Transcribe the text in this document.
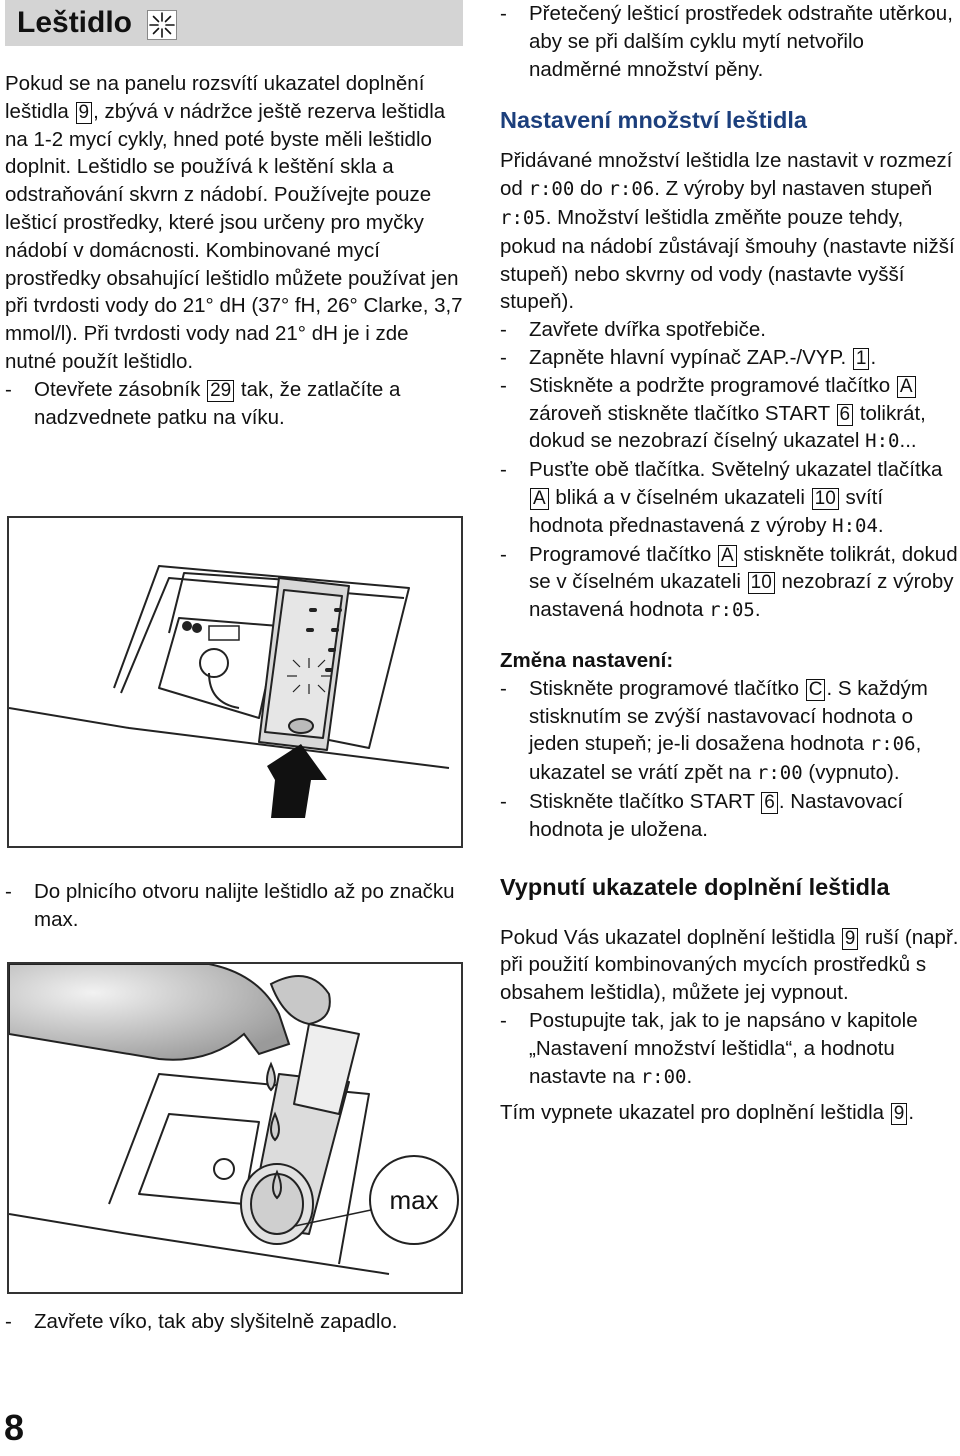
8
Leštidlo

Pokud se na panelu rozsvítí ukazatel doplnění leštidla 9 , zbývá v nádržce ještě rezerva leštidla na 1-2 mycí cykly, hned poté byste měli leštidlo doplnit. Leštidlo se používá k leštění skla a odstraňování skvrn z nádobí. Používejte pouze lešticí prostředky, které jsou určeny pro myčky nádobí v domácnosti. Kombinované mycí prostředky obsahující leštidlo můžete používat jen při tvrdosti vody do 21° dH (37° fH, 26° Clarke, 3,7 mmol/l). Při tvrdosti vody nad 21° dH je i zde nutné použít leštidlo.

- Otevřete zásobník 29 tak, že zatlačíte a nadzvednete patku na víku.
- Do plnicího otvoru nalijte leštidlo až po značku max.
max
- Zavřete víko, tak aby slyšitelně zapadlo.
- Přetečený lešticí prostředek odstraňte utěrkou, aby se při dalším cyklu mytí netvořilo nadměrné množství pěny.
Nastavení množství leštidla

Přidávané množství leštidla lze nastavit v rozmezí od r:00 do r:06. Z výroby byl nastaven stupeň r:05. Množství leštidla změňte pouze tehdy, pokud na nádobí zůstávají šmouhy (nastavte nižší stupeň) nebo skvrny od vody (nastavte vyšší stupeň).

- Zavřete dvířka spotřebiče.
- Zapněte hlavní vypínač ZAP.-/VYP. 1 .
- Stiskněte a podržte programové tlačítko A zároveň stiskněte tlačítko START 6 tolikrát, dokud se nezobrazí číselný ukazatel H:0...
- Pusťte obě tlačítka. Světelný ukazatel tlačítka A bliká a v číselném ukazateli 10 svítí hodnota přednastavená z výroby H:04.
- Programové tlačítko A stiskněte tolikrát, dokud se v číselném ukazateli 10 nezobrazí z výroby nastavená hodnota r:05.
Změna nastavení:
- Stiskněte programové tlačítko C . S každým stisknutím se zvýší nastavovací hodnota o jeden stupeň; je-li dosažena hodnota r:06, ukazatel se vrátí zpět na r:00 (vypnuto).
- Stiskněte tlačítko START 6 . Nastavovací hodnota je uložena.
Vypnutí ukazatele doplnění leštidla

Pokud Vás ukazatel doplnění leštidla 9 ruší (např. při použití kombinovaných mycích prostředků s obsahem leštidla), můžete jej vypnout.

- Postupujte tak, jak to je napsáno v kapitole „Nastavení množství leštidla“, a hodnotu nastavte na r:00.

Tím vypnete ukazatel pro doplnění leštidla 9 .
